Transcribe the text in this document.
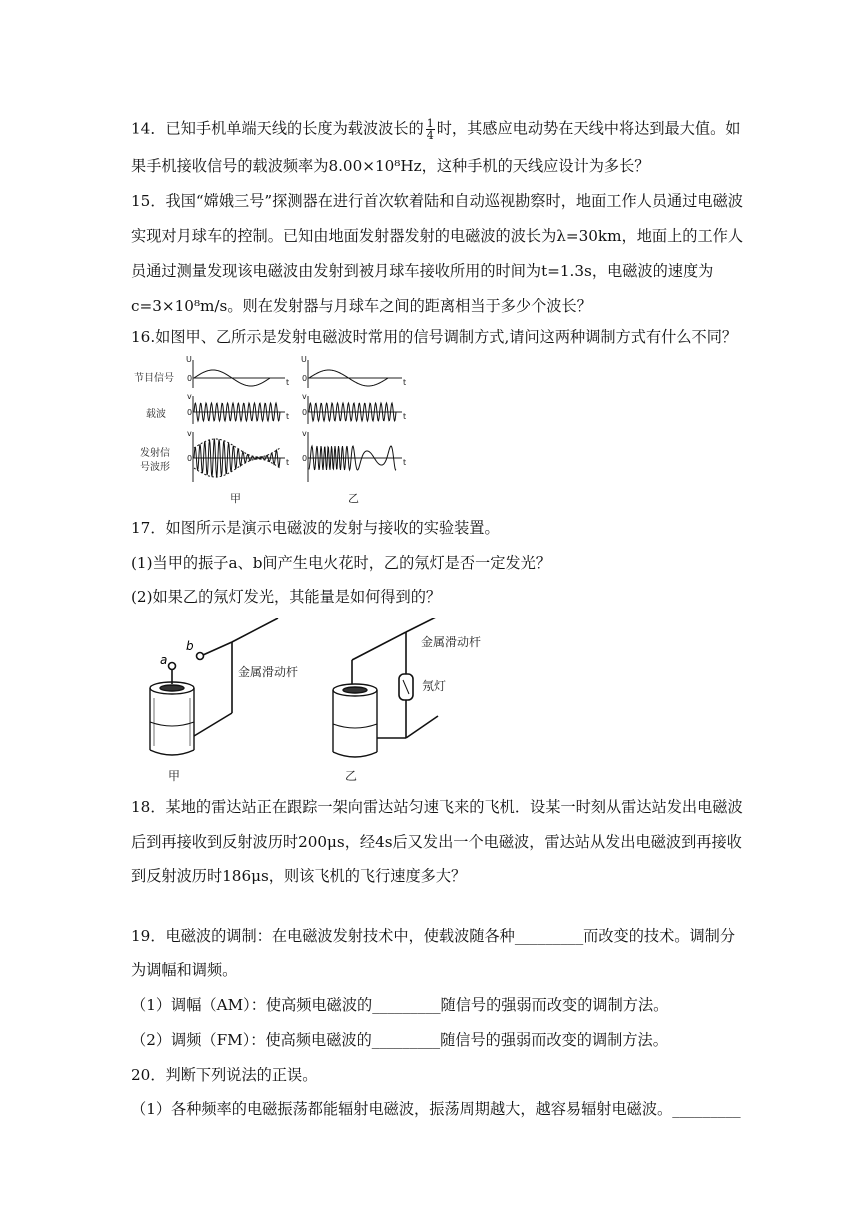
14．已知手机单端天线的长度为载波波长的 $\frac{1}{4}$ 时，其感应电动势在天线中将达到最大值。如
果手机接收信号的载波频率为8.00×10⁸Hz，这种手机的天线应设计为多长？
15．我国“嫦娥三号”探测器在进行首次软着陆和自动巡视勘察时，地面工作人员通过电磁波
实现对月球车的控制。已知由地面发射器发射的电磁波的波长为λ=30km，地面上的工作人
员通过测量发现该电磁波由发射到被月球车接收所用的时间为t=1.3s，电磁波的速度为
c=3×10⁸m/s。则在发射器与月球车之间的距离相当于多少个波长？
16.如图甲、乙所示是发射电磁波时常用的信号调制方式,请问这两种调制方式有什么不同？
节目信号
载波
发射信
号波形
U	U
v	v
v	v
0
0
0
0
0
0
t
t
t
t
t
t
甲	乙
17．如图所示是演示电磁波的发射与接收的实验装置。
(1)当甲的振子a、b间产生电火花时，乙的氖灯是否一定发光？
(2)如果乙的氖灯发光，其能量是如何得到的？
a
b
金属滑动杆
甲
金属滑动杆
氖灯
乙
18．某地的雷达站正在跟踪一架向雷达站匀速飞来的飞机．设某一时刻从雷达站发出电磁波
后到再接收到反射波历时200μs，经4s后又发出一个电磁波，雷达站从发出电磁波到再接收
到反射波历时186μs，则该飞机的飞行速度多大？
19．电磁波的调制：在电磁波发射技术中，使载波随各种_________而改变的技术。调制分
为调幅和调频。
（1）调幅（AM）：使高频电磁波的_________随信号的强弱而改变的调制方法。
（2）调频（FM）：使高频电磁波的_________随信号的强弱而改变的调制方法。
20．判断下列说法的正误。
（1）各种频率的电磁振荡都能辐射电磁波，振荡周期越大，越容易辐射电磁波。_________
